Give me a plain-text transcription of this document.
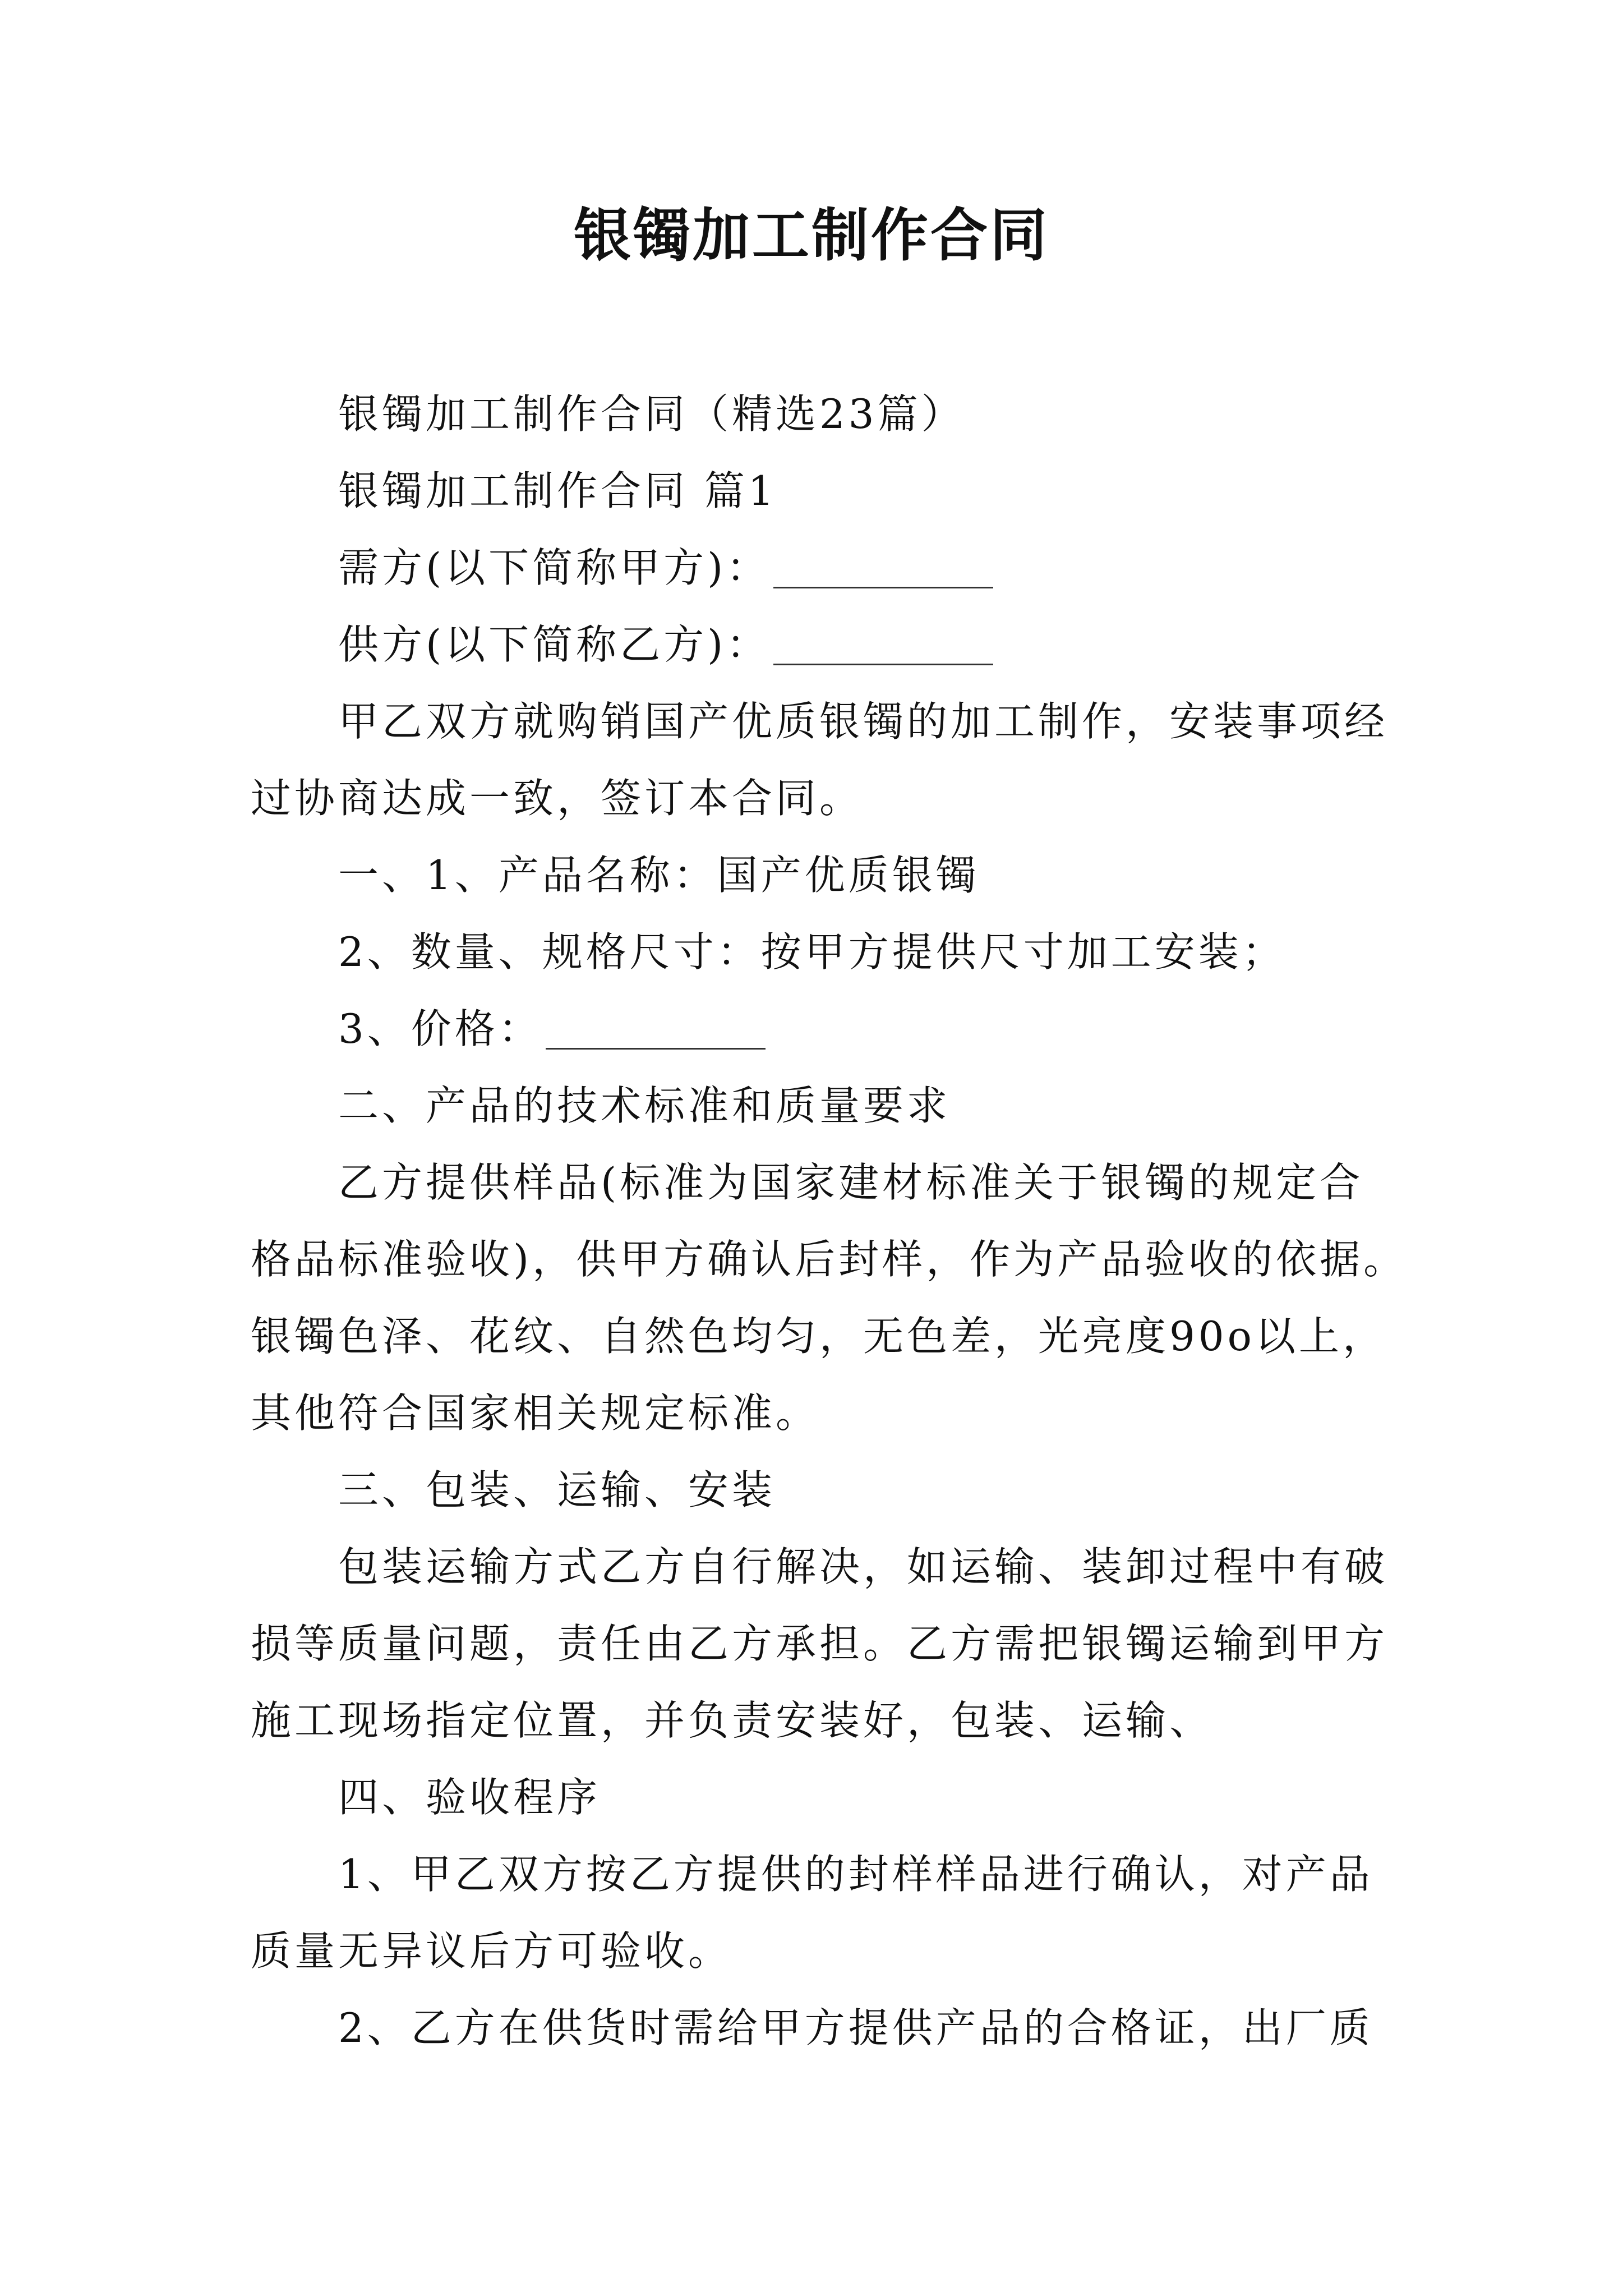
银镯加工制作合同
银镯加工制作合同（精选23篇）
银镯加工制作合同 篇1
需方(以下简称甲方)：
供方(以下简称乙方)：
甲乙双方就购销国产优质银镯的加工制作，安装事项经
过协商达成一致，签订本合同。
一、1、产品名称：国产优质银镯
2、数量、规格尺寸：按甲方提供尺寸加工安装；
3、价格：
二、产品的技术标准和质量要求
乙方提供样品(标准为国家建材标准关于银镯的规定合
格品标准验收)，供甲方确认后封样，作为产品验收的依据。
银镯色泽、花纹、自然色均匀，无色差，光亮度90o以上，
其他符合国家相关规定标准。
三、包装、运输、安装
包装运输方式乙方自行解决，如运输、装卸过程中有破
损等质量问题，责任由乙方承担。乙方需把银镯运输到甲方
施工现场指定位置，并负责安装好，包装、运输、
四、验收程序
1、甲乙双方按乙方提供的封样样品进行确认，对产品
质量无异议后方可验收。
2、乙方在供货时需给甲方提供产品的合格证，出厂质
